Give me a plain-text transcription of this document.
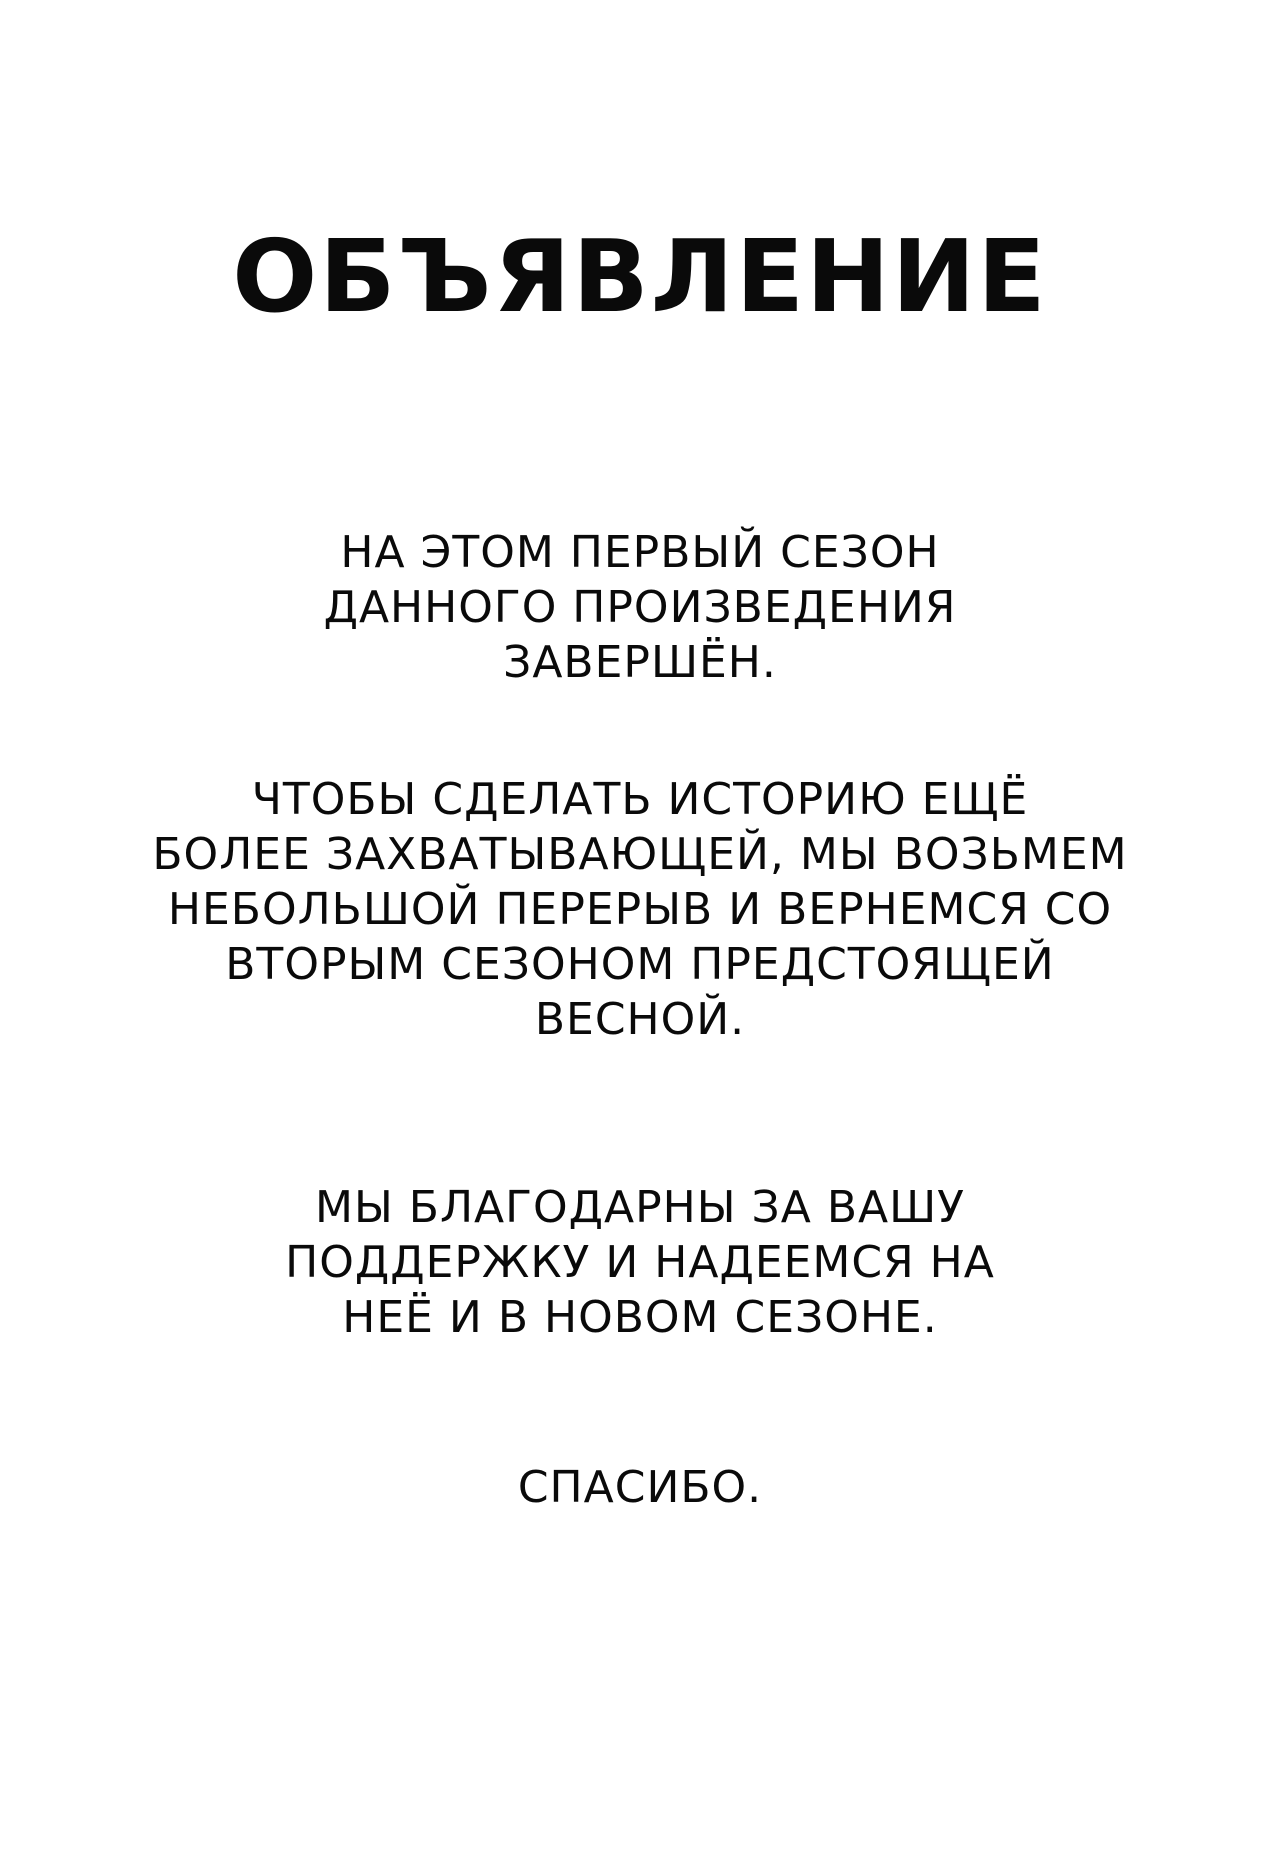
ОБЪЯВЛЕНИЕ

НА ЭТОМ ПЕРВЫЙ СЕЗОН
ДАННОГО ПРОИЗВЕДЕНИЯ
ЗАВЕРШЁН.

ЧТОБЫ СДЕЛАТЬ ИСТОРИЮ ЕЩЁ
БОЛЕЕ ЗАХВАТЫВАЮЩЕЙ, МЫ ВОЗЬМЕМ
НЕБОЛЬШОЙ ПЕРЕРЫВ И ВЕРНЕМСЯ СО
ВТОРЫМ СЕЗОНОМ ПРЕДСТОЯЩЕЙ
ВЕСНОЙ.

МЫ БЛАГОДАРНЫ ЗА ВАШУ
ПОДДЕРЖКУ И НАДЕЕМСЯ НА
НЕЁ И В НОВОМ СЕЗОНЕ.

СПАСИБО.
